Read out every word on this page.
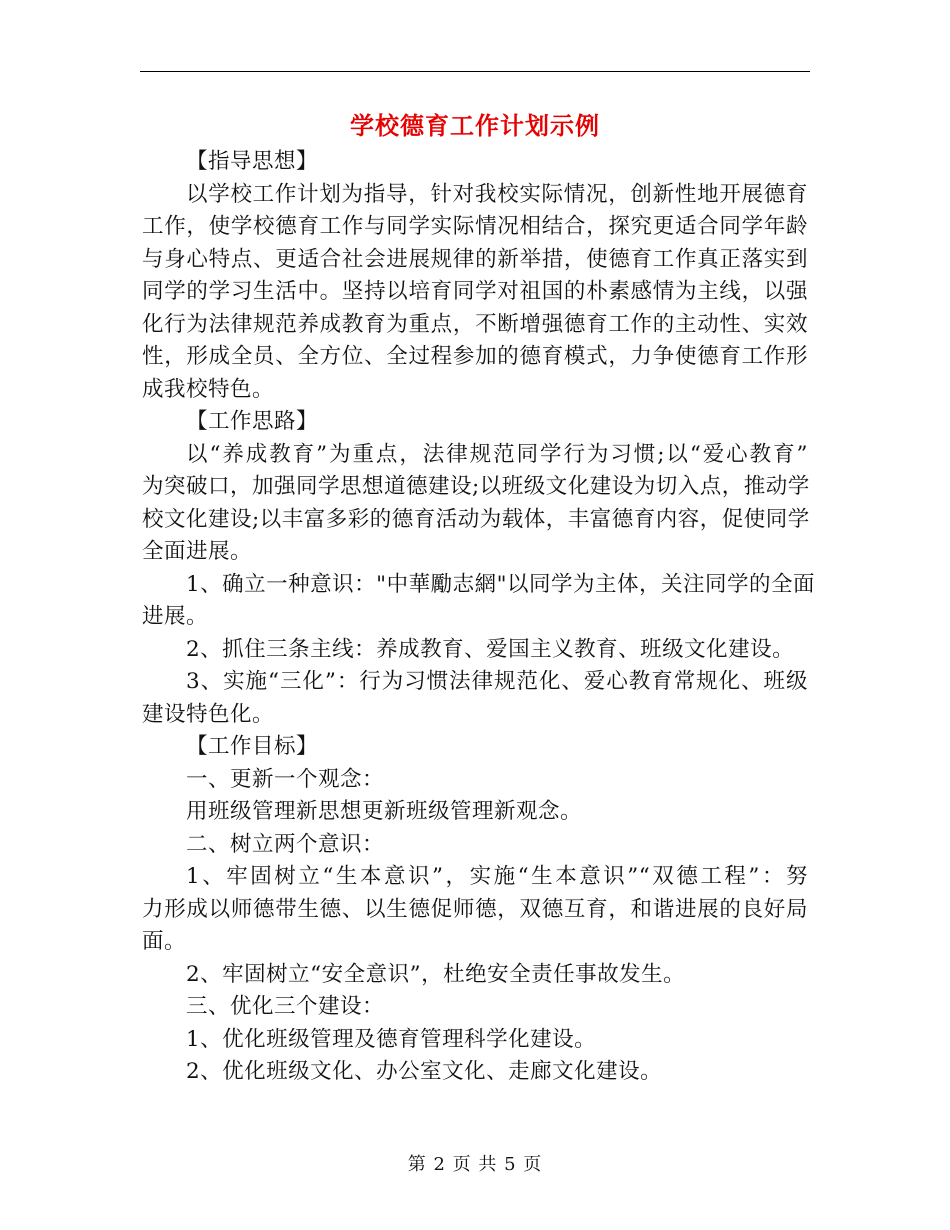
学校德育工作计划示例
【指导思想】
以学校工作计划为指导，针对我校实际情况，创新性地开展德育
工作，使学校德育工作与同学实际情况相结合，探究更适合同学年龄
与身心特点、更适合社会进展规律的新举措，使德育工作真正落实到
同学的学习生活中。坚持以培育同学对祖国的朴素感情为主线，以强
化行为法律规范养成教育为重点，不断增强德育工作的主动性、实效
性，形成全员、全方位、全过程参加的德育模式，力争使德育工作形
成我校特色。
【工作思路】
以“养成教育”为重点，法律规范同学行为习惯;以“爱心教育”
为突破口，加强同学思想道德建设;以班级文化建设为切入点，推动学
校文化建设;以丰富多彩的德育活动为载体，丰富德育内容，促使同学
全面进展。
1、确立一种意识："中華勵志網"以同学为主体，关注同学的全面
进展。
2、抓住三条主线：养成教育、爱国主义教育、班级文化建设。
3、实施“三化”：行为习惯法律规范化、爱心教育常规化、班级
建设特色化。
【工作目标】
一、更新一个观念：
用班级管理新思想更新班级管理新观念。
二、树立两个意识：
1、牢固树立“生本意识”，实施“生本意识”“双德工程”：努
力形成以师德带生德、以生德促师德，双德互育，和谐进展的良好局
面。
2、牢固树立“安全意识”，杜绝安全责任事故发生。
三、优化三个建设：
1、优化班级管理及德育管理科学化建设。
2、优化班级文化、办公室文化、走廊文化建设。
第 2 页 共 5 页
